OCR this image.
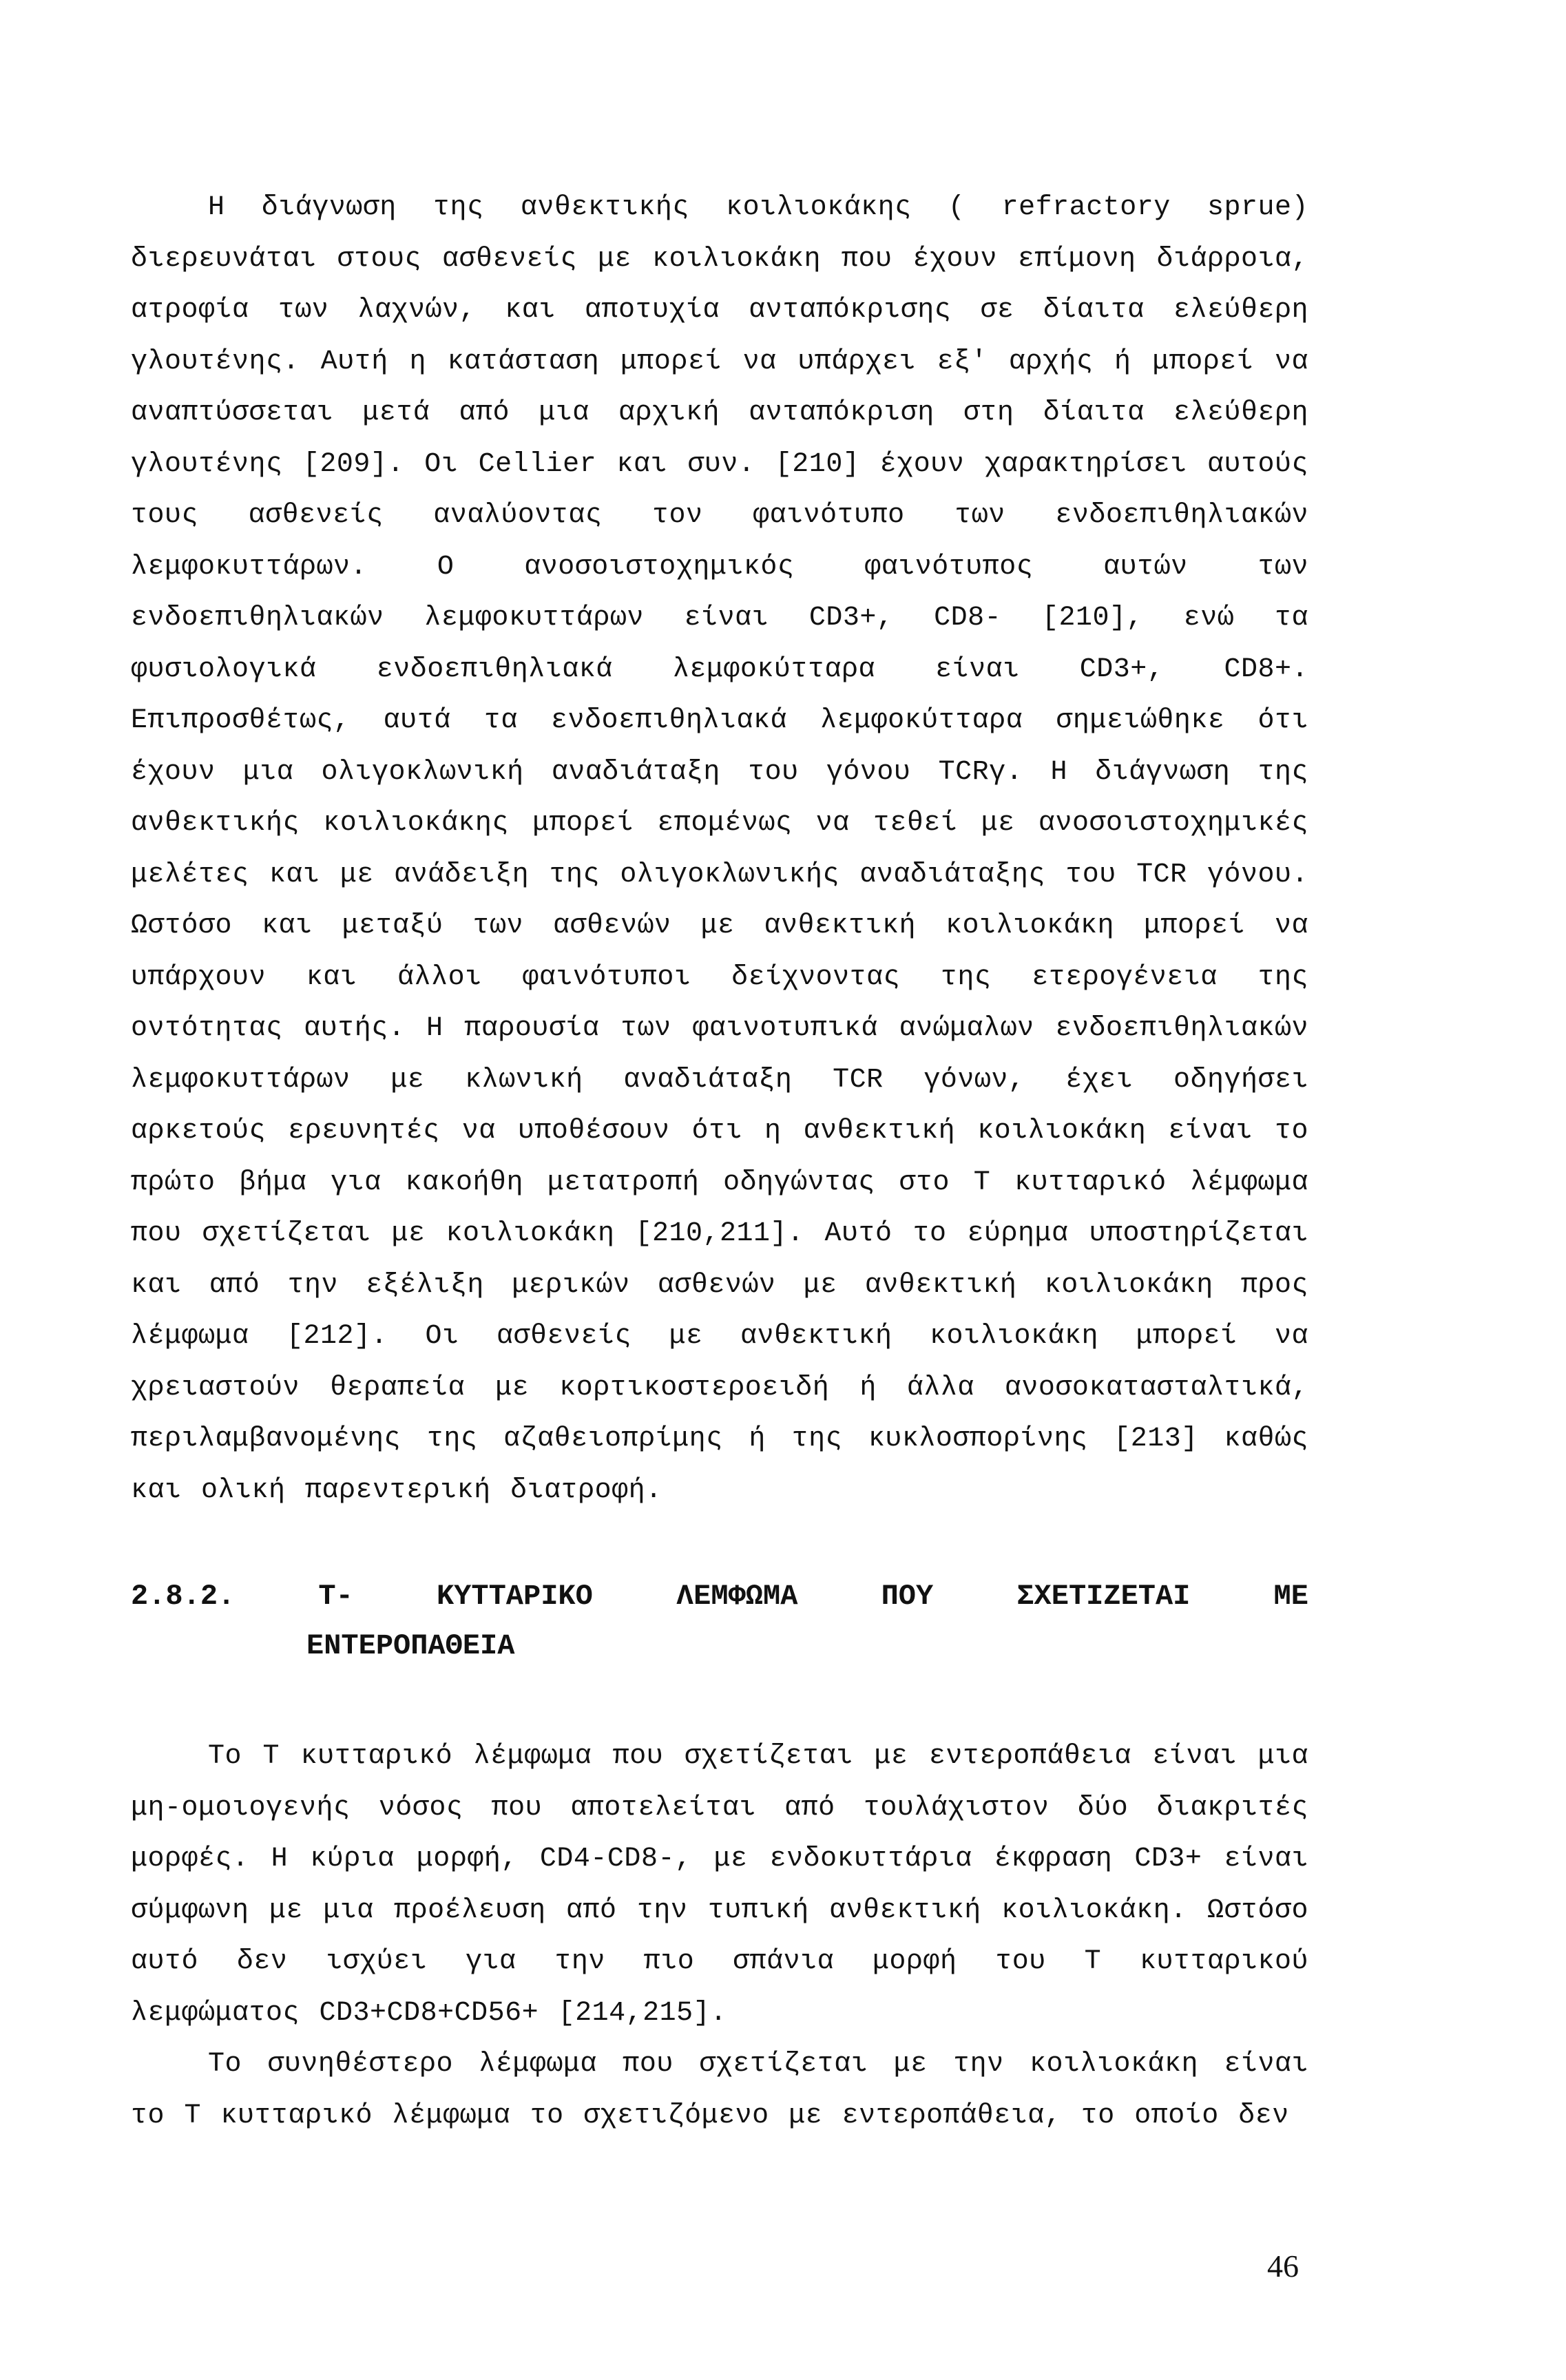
Η διάγνωση της ανθεκτικής κοιλιοκάκης ( refractory sprue) διερευνάται στους ασθενείς με κοιλιοκάκη που έχουν επίμονη διάρροια, ατροφία των λαχνών, και αποτυχία ανταπόκρισης σε δίαιτα ελεύθερη γλουτένης. Αυτή η κατάσταση μπορεί να υπάρχει εξ' αρχής ή μπορεί να αναπτύσσεται μετά από μια αρχική ανταπόκριση στη δίαιτα ελεύθερη γλουτένης [209]. Οι Cellier και συν. [210] έχουν χαρακτηρίσει αυτούς τους ασθενείς αναλύοντας τον φαινότυπο των ενδοεπιθηλιακών λεμφοκυττάρων. Ο ανοσοιστοχημικός φαινότυπος αυτών των ενδοεπιθηλιακών λεμφοκυττάρων είναι CD3+, CD8- [210], ενώ τα φυσιολογικά ενδοεπιθηλιακά λεμφοκύτταρα είναι CD3+, CD8+. Επιπροσθέτως, αυτά τα ενδοεπιθηλιακά λεμφοκύτταρα σημειώθηκε ότι έχουν μια ολιγοκλωνική αναδιάταξη του γόνου TCRγ. Η διάγνωση της ανθεκτικής κοιλιοκάκης μπορεί επομένως να τεθεί με ανοσοιστοχημικές μελέτες και με ανάδειξη της ολιγοκλωνικής αναδιάταξης του TCR γόνου. Ωστόσο και μεταξύ των ασθενών με ανθεκτική κοιλιοκάκη μπορεί να υπάρχουν και άλλοι φαινότυποι δείχνοντας της ετερογένεια της οντότητας αυτής. Η παρουσία των φαινοτυπικά ανώμαλων ενδοεπιθηλιακών λεμφοκυττάρων με κλωνική αναδιάταξη TCR γόνων, έχει οδηγήσει αρκετούς ερευνητές να υποθέσουν ότι η ανθεκτική κοιλιοκάκη είναι το πρώτο βήμα για κακοήθη μετατροπή οδηγώντας στο Τ κυτταρικό λέμφωμα που σχετίζεται με κοιλιοκάκη [210,211]. Αυτό το εύρημα υποστηρίζεται και από την εξέλιξη μερικών ασθενών με ανθεκτική κοιλιοκάκη προς λέμφωμα [212]. Οι ασθενείς με ανθεκτική κοιλιοκάκη μπορεί να χρειαστούν θεραπεία με κορτικοστεροειδή ή άλλα ανοσοκατασταλτικά, περιλαμβανομένης της αζαθειοπρίμης ή της κυκλοσπορίνης [213] καθώς και ολική παρεντερική διατροφή.

2.8.2.	Τ-	ΚΥΤΤΑΡΙΚΟ	ΛΕΜΦΩΜΑ	ΠΟΥ	ΣΧΕΤΙΖΕΤΑΙ	ΜΕ
ΕΝΤΕΡΟΠΑΘΕΙΑ

Το Τ κυτταρικό λέμφωμα που σχετίζεται με εντεροπάθεια είναι μια μη-ομοιογενής νόσος που αποτελείται από τουλάχιστον δύο διακριτές μορφές. Η κύρια μορφή, CD4-CD8-, με ενδοκυττάρια έκφραση CD3+ είναι σύμφωνη με μια προέλευση από την τυπική ανθεκτική κοιλιοκάκη. Ωστόσο αυτό δεν ισχύει για την πιο σπάνια μορφή του Τ κυτταρικού λεμφώματος CD3+CD8+CD56+ [214,215].

Το συνηθέστερο λέμφωμα που σχετίζεται με την κοιλιοκάκη είναι το Τ κυτταρικό λέμφωμα το σχετιζόμενο με εντεροπάθεια, το οποίο δεν

46
